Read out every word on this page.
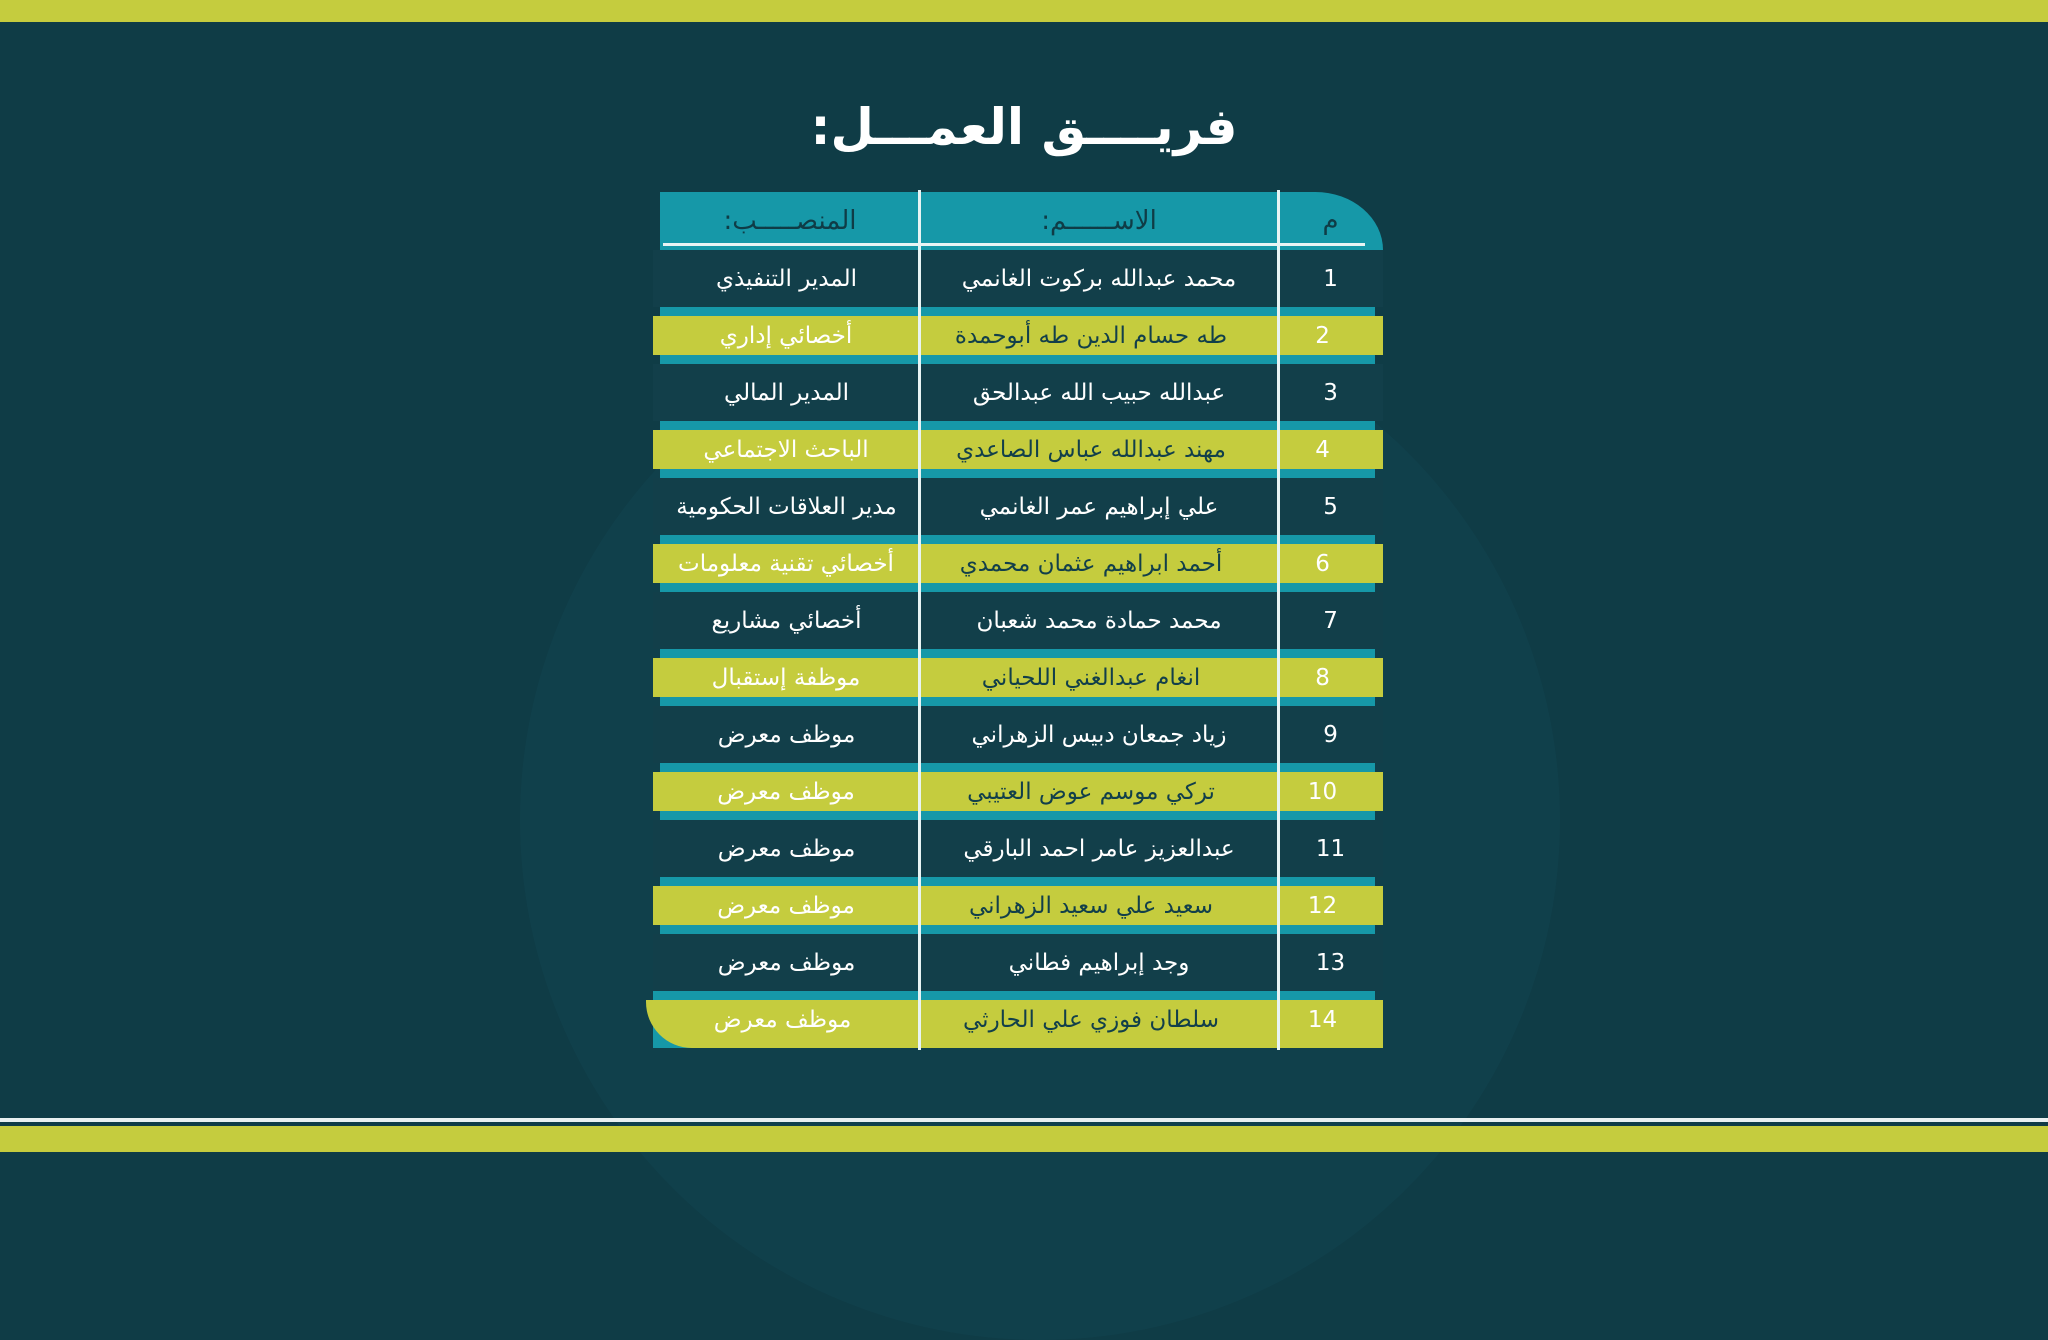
فريــــق العمـــل:
م
الاســــــم:
المنصـــــب:
1
محمد عبدالله بركوت الغانمي
المدير التنفيذي
2
طه حسام الدين طه أبوحمدة
أخصائي إداري
3
عبدالله حبيب الله عبدالحق
المدير المالي
4
مهند عبدالله عباس الصاعدي
الباحث الاجتماعي
5
علي إبراهيم عمر الغانمي
مدير العلاقات الحكومية
6
أحمد ابراهيم عثمان محمدي
أخصائي تقنية معلومات
7
محمد حمادة محمد شعبان
أخصائي مشاريع
8
انغام عبدالغني اللحياني
موظفة إستقبال
9
زياد جمعان دبيس الزهراني
موظف معرض
10
تركي موسم عوض العتيبي
موظف معرض
11
عبدالعزيز عامر احمد البارقي
موظف معرض
12
سعيد علي سعيد الزهراني
موظف معرض
13
وجد إبراهيم فطاني
موظف معرض
14
سلطان فوزي علي الحارثي
موظف معرض
